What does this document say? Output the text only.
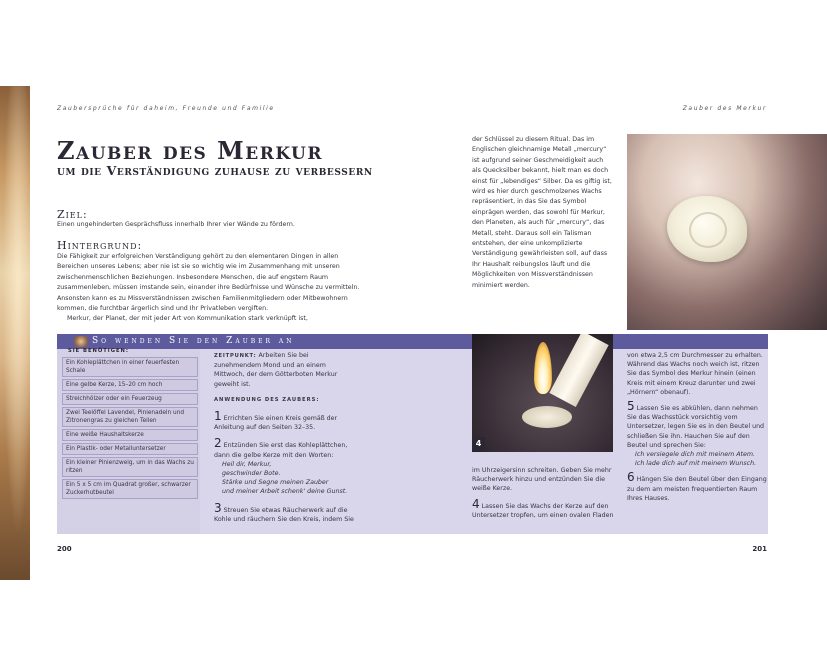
Zaubersprüche für daheim, Freunde und Familie	Zauber des Merkur
Zauber des Merkur
um die Verständigung zuhause zu verbessern
Ziel:

Einen ungehinderten Gesprächsfluss innerhalb Ihrer vier Wände zu fördern.

Hintergrund:

Die Fähigkeit zur erfolgreichen Verständigung gehört zu den elementaren Dingen in allen Bereichen unseres Lebens; aber nie ist sie so wichtig wie im Zusammenhang mit unseren zwischenmenschlichen Beziehungen. Insbesondere Menschen, die auf engstem Raum zusammenleben, müssen imstande sein, einander ihre Bedürfnisse und Wünsche zu vermitteln. Ansonsten kann es zu Missverständnissen zwischen Familienmitgliedern oder Mitbewohnern kommen, die furchtbar ärgerlich sind und Ihr Privatleben vergiften.

Merkur, der Planet, der mit jeder Art von Kommunikation stark verknüpft ist,

der Schlüssel zu diesem Ritual. Das im Englischen gleichnamige Metall „mercury“ ist aufgrund seiner Geschmeidigkeit auch als Quecksilber bekannt, hielt man es doch einst für „lebendiges“ Silber. Da es giftig ist, wird es hier durch geschmolzenes Wachs repräsentiert, in das Sie das Symbol einprägen werden, das sowohl für Merkur, den Planeten, als auch für „mercury“, das Metall, steht. Daraus soll ein Talisman entstehen, der eine unkomplizierte Verständigung gewährleisten soll, auf dass Ihr Haushalt reibungslos läuft und die Möglichkeiten von Missverständnissen minimiert werden.

So wenden Sie den Zauber an
SIE BENÖTIGEN:
Ein Kohleplättchen in einer feuerfesten Schale
Eine gelbe Kerze, 15–20 cm hoch
Streichhölzer oder ein Feuerzeug
Zwei Teelöffel Lavendel, Pinienadeln und Zitronengras zu gleichen Teilen
Eine weiße Haushaltskerze
Ein Plastik- oder Metalluntersetzer
Ein kleiner Pinienzweig, um in das Wachs zu ritzen
Ein 5 x 5 cm im Quadrat großer, schwarzer Zuckerhutbeutel

ZEITPUNKT: Arbeiten Sie bei zunehmendem Mond und an einem Mittwoch, der dem Götterboten Merkur geweiht ist.

ANWENDUNG DES ZAUBERS:

1 Errichten Sie einen Kreis gemäß der Anleitung auf den Seiten 32–35.

2 Entzünden Sie erst das Kohleplättchen, dann die gelbe Kerze mit den Worten:

Heil dir, Merkur,

geschwinder Bote.

Stärke und Segne meinen Zauber

und meiner Arbeit schenk' deine Gunst.

3 Streuen Sie etwas Räucherwerk auf die Kohle und räuchern Sie den Kreis, indem Sie

4

im Uhrzeigersinn schreiten. Geben Sie mehr Räucherwerk hinzu und entzünden Sie die weiße Kerze.

4 Lassen Sie das Wachs der Kerze auf den Untersetzer tropfen, um einen ovalen Fladen

von etwa 2,5 cm Durchmesser zu erhalten. Während das Wachs noch weich ist, ritzen Sie das Symbol des Merkur hinein (einen Kreis mit einem Kreuz darunter und zwei „Hörnern“ obenauf).

5 Lassen Sie es abkühlen, dann nehmen Sie das Wachsstück vorsichtig vom Untersetzer, legen Sie es in den Beutel und schließen Sie ihn. Hauchen Sie auf den Beutel und sprechen Sie:

Ich versiegele dich mit meinem Atem.

Ich lade dich auf mit meinem Wunsch.

6 Hängen Sie den Beutel über den Eingang zu dem am meisten frequentierten Raum Ihres Hauses.

200	201
